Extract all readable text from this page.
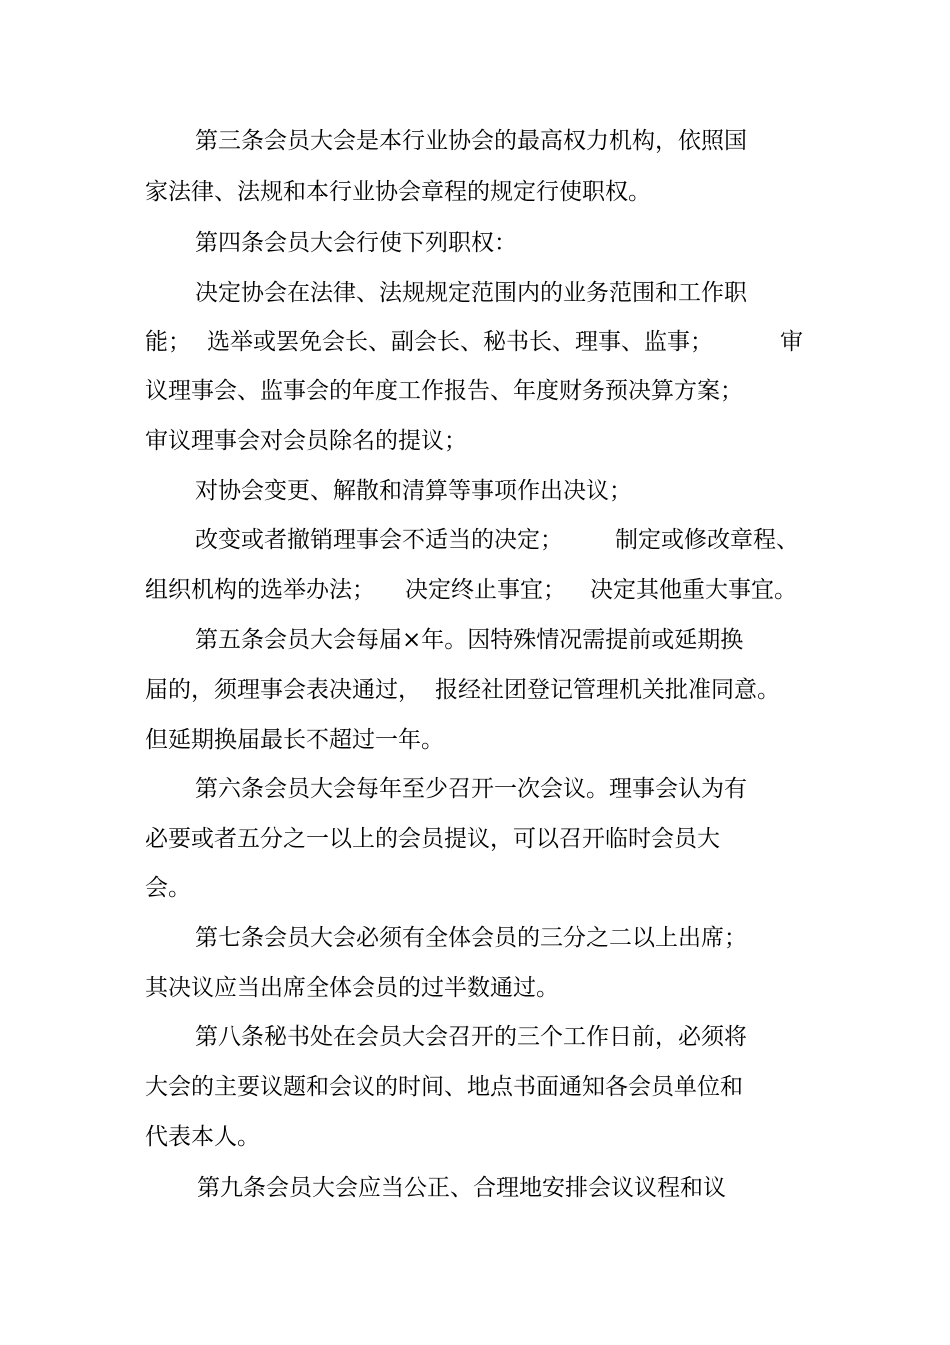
第三条会员大会是本行业协会的最高权力机构，依照国
家法律、法规和本行业协会章程的规定行使职权。
第四条会员大会行使下列职权：
决定协会在法律、法规规定范围内的业务范围和工作职

能；

选举或罢免会长、副会长、秘书长、理事、监事；

	审

议理事会、监事会的年度工作报告、年度财务预决算方案；
审议理事会对会员除名的提议；
对协会变更、解散和清算等事项作出决议；

改变或者撤销理事会不适当的决定；

制定或修改章程、

组织机构的选举办法；

决定终止事宜；

决定其他重大事宜。

第五条会员大会每届×年。因特殊情况需提前或延期换

届的，须理事会表决通过，

报经社团登记管理机关批准同意。

但延期换届最长不超过一年。
第六条会员大会每年至少召开一次会议。理事会认为有
必要或者五分之一以上的会员提议，可以召开临时会员大
会。
第七条会员大会必须有全体会员的三分之二以上出席；
其决议应当出席全体会员的过半数通过。
第八条秘书处在会员大会召开的三个工作日前，必须将
大会的主要议题和会议的时间、地点书面通知各会员单位和
代表本人。
第九条会员大会应当公正、合理地安排会议议程和议
